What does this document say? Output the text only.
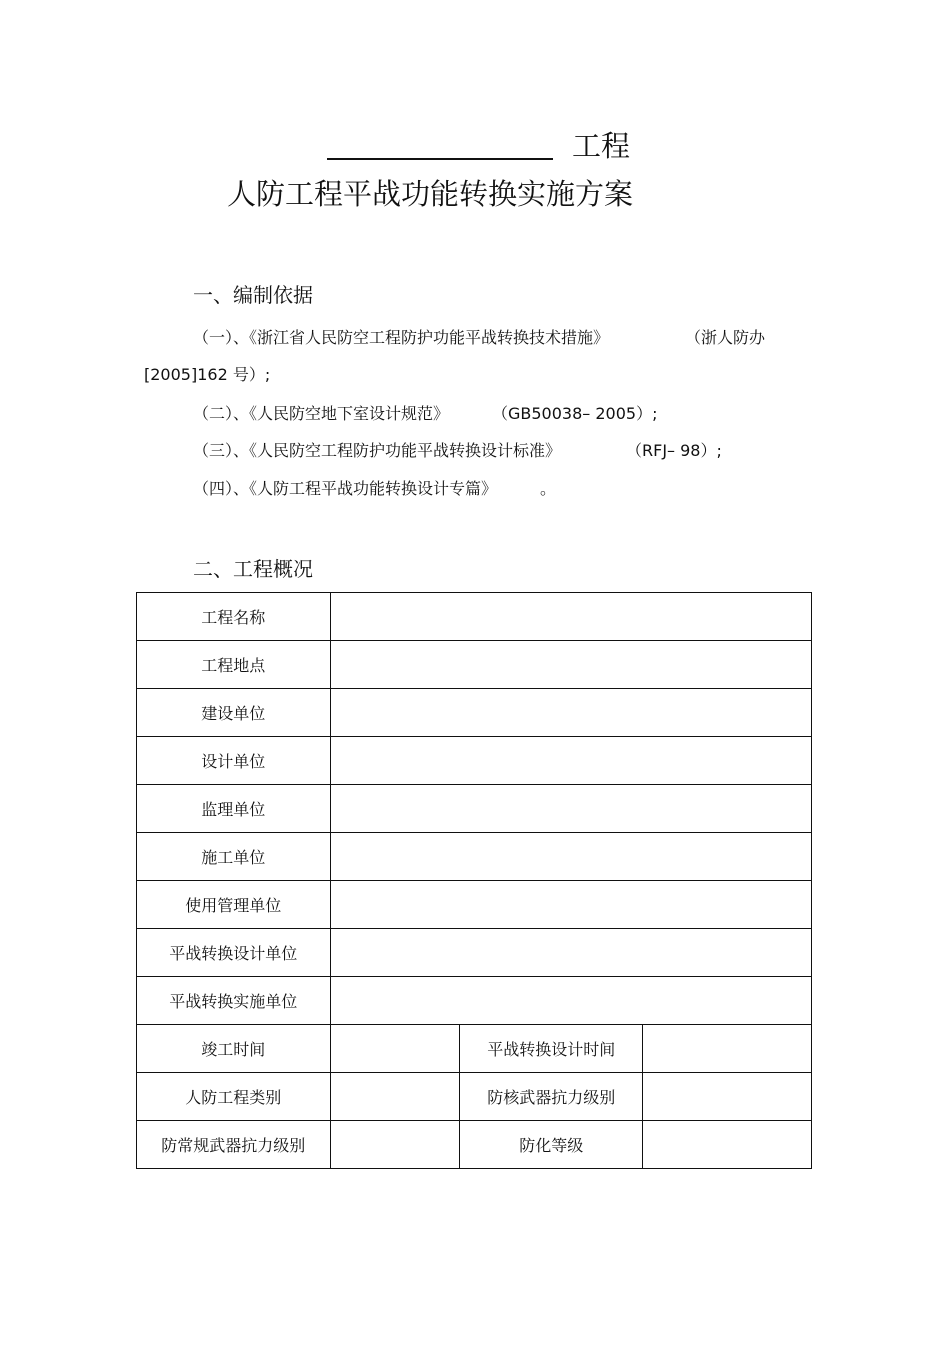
工程
人防工程平战功能转换实施方案
一、编制依据
（一）、《浙江省人民防空工程防护功能平战转换技术措施》	（浙人防办
[2005]162 号）;
（二）、《人民防空地下室设计规范》	（GB50038– 2005）;
（三）、《人民防空工程防护功能平战转换设计标准》	（RFJ– 98）;
（四）、《人防工程平战功能转换设计专篇》	。
二、工程概况
工程名称			
工程地点			
建设单位			
设计单位			
监理单位			
施工单位			
使用管理单位			
平战转换设计单位			
平战转换实施单位			
竣工时间		平战转换设计时间	
人防工程类别		防核武器抗力级别	
防常规武器抗力级别		防化等级	
